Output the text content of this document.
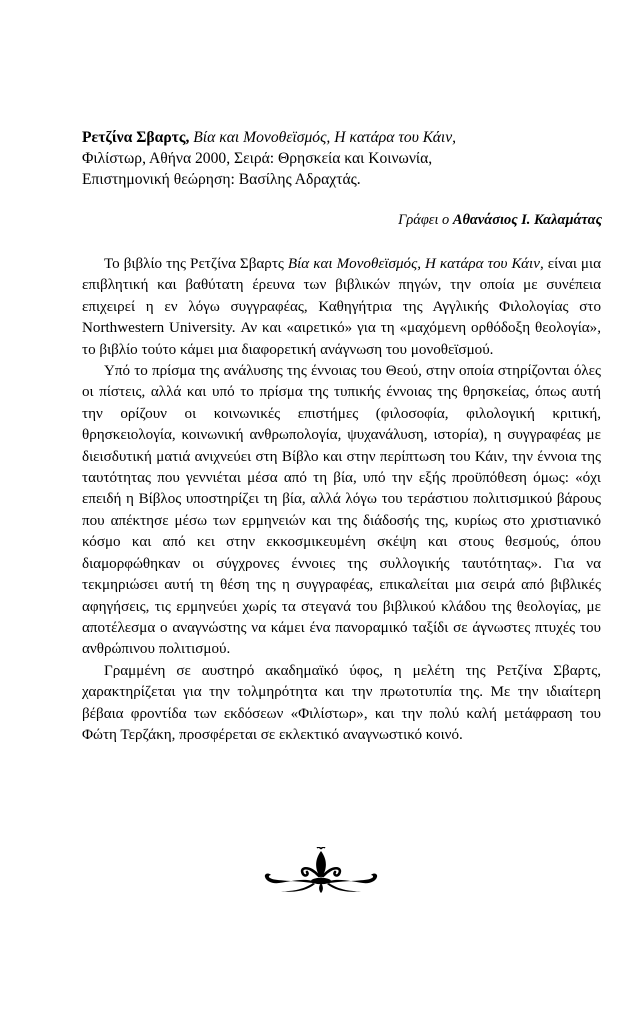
Ρετζίνα Σβαρτς, Βία και Μονοθεϊσμός, Η κατάρα του Κάιν,
Φιλίστωρ, Αθήνα 2000, Σειρά: Θρησκεία και Κοινωνία,
Επιστημονική θεώρηση: Βασίλης Αδραχτάς.
Γράφει ο Αθανάσιος Ι. Καλαμάτας

Το βιβλίο της Ρετζίνα Σβαρτς Βία και Μονοθεϊσμός, Η κατάρα του Κάιν, είναι μια επιβλητική και βαθύτατη έρευνα των βιβλικών πηγών, την οποία με συνέπεια επιχειρεί η εν λόγω συγγραφέας, Καθηγήτρια της Αγγλικής Φιλολογίας στο Northwestern University. Αν και «αιρετικό» για τη «μαχόμενη ορθόδοξη θεολογία», το βιβλίο τούτο κάμει μια διαφορετική ανάγνωση του μονοθεϊσμού.

Υπό το πρίσμα της ανάλυσης της έννοιας του Θεού, στην οποία στηρίζονται όλες οι πίστεις, αλλά και υπό το πρίσμα της τυπικής έννοιας της θρησκείας, όπως αυτή την ορίζουν οι κοινωνικές επιστήμες (φιλοσοφία, φιλολογική κριτική, θρησκειολογία, κοινωνική ανθρωπολογία, ψυχανάλυση, ιστορία), η συγγραφέας με διεισδυτική ματιά ανιχνεύει στη Βίβλο και στην περίπτωση του Κάιν, την έννοια της ταυτότητας που γεννιέται μέσα από τη βία, υπό την εξής προϋπόθεση όμως: «όχι επειδή η Βίβλος υποστηρίζει τη βία, αλλά λόγω του τεράστιου πολιτισμικού βάρους που απέκτησε μέσω των ερμηνειών και της διάδοσής της, κυρίως στο χριστιανικό κόσμο και από κει στην εκκοσμικευμένη σκέψη και στους θεσμούς, όπου διαμορφώθηκαν οι σύγχρονες έννοιες της συλλογικής ταυτότητας». Για να τεκμηριώσει αυτή τη θέση της η συγγραφέας, επικαλείται μια σειρά από βιβλικές αφηγήσεις, τις ερμηνεύει χωρίς τα στεγανά του βιβλικού κλάδου της θεολογίας, με αποτέλεσμα ο αναγνώστης να κάμει ένα πανοραμικό ταξίδι σε άγνωστες πτυχές του ανθρώπινου πολιτισμού.

Γραμμένη σε αυστηρό ακαδημαϊκό ύφος, η μελέτη της Ρετζίνα Σβαρτς, χαρακτηρίζεται για την τολμηρότητα και την πρωτοτυπία της. Με την ιδιαίτερη βέβαια φροντίδα των εκδόσεων «Φιλίστωρ», και την πολύ καλή μετάφραση του Φώτη Τερζάκη, προσφέρεται σε εκλεκτικό αναγνωστικό κοινό.
